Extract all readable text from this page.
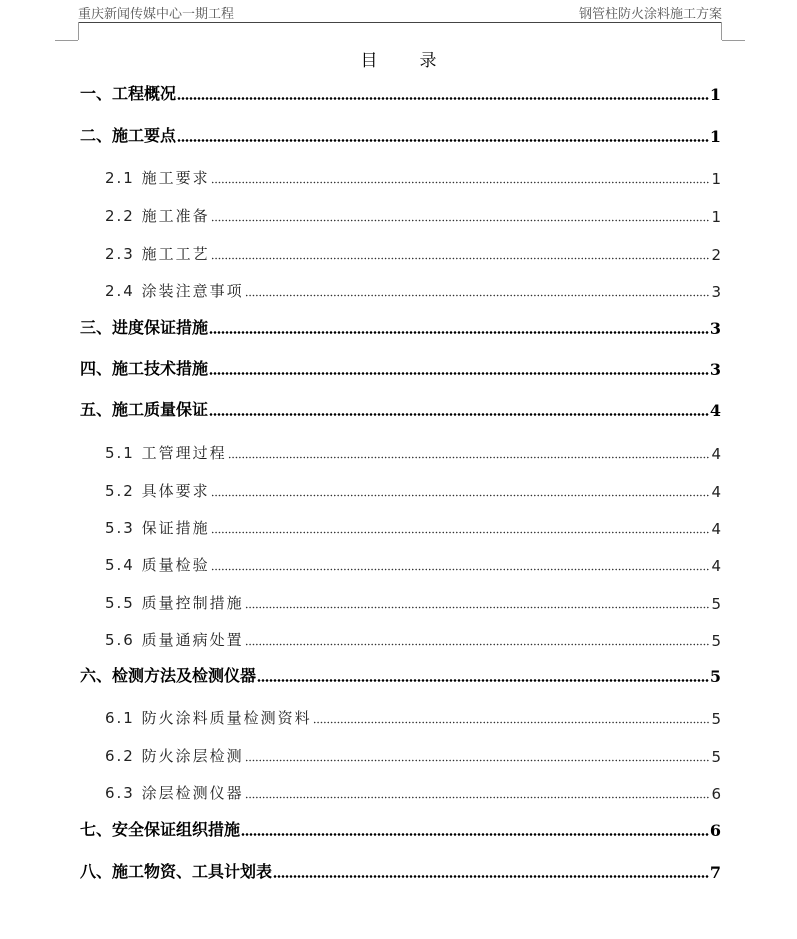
重庆新闻传媒中心一期工程	钢管柱防火涂料施工方案
目录
一、工程概况	1
二、施工要点	1
2.1 施工要求	1
2.2 施工准备	1
2.3 施工工艺	2
2.4 涂装注意事项	3
三、进度保证措施	3
四、施工技术措施	3
五、施工质量保证	4
5.1 工管理过程	4
5.2 具体要求	4
5.3 保证措施	4
5.4 质量检验	4
5.5 质量控制措施	5
5.6 质量通病处置	5
六、检测方法及检测仪器	5
6.1 防火涂料质量检测资料	5
6.2 防火涂层检测	5
6.3 涂层检测仪器	6
七、安全保证组织措施	6
八、施工物资、工具计划表	7
